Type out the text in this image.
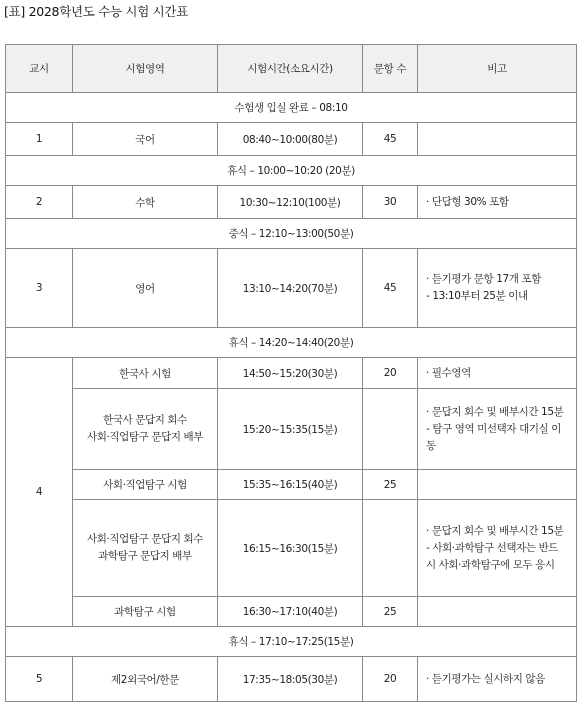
[표] 2028학년도 수능 시험 시간표
교시	시험영역	시험시간(소요시간)	문항 수	비고
수험생 입실 완료 – 08:10				
1	국어	08:40~10:00(80분)	45	
휴식 – 10:00~10:20 (20분)				
2	수학	10:30~12:10(100분)	30	· 단답형 30% 포함
중식 – 12:10~13:00(50분)				
3	영어	13:10~14:20(70분)	45	· 듣기평가 문항 17개 포함
- 13:10부터 25분 이내

휴식 – 14:20~14:40(20분)				
4	한국사 시험	14:50~15:20(30분)	20	· 필수영역

	한국사 문답지 회수
사회·직업탐구 문답지 배부	15:20~15:35(15분)		· 문답지 회수 및 배부시간 15분
- 탐구 영역 미선택자 대기실 이
동

	사회·직업탐구 시험	15:35~16:15(40분)	25	

	사회·직업탐구 문답지 회수
과학탐구 문답지 배부	16:15~16:30(15분)		· 문답지 회수 및 배부시간 15분
- 사회·과학탐구 선택자는 반드
시 사회·과학탐구에 모두 응시

	과학탐구 시험	16:30~17:10(40분)	25	
휴식 – 17:10~17:25(15분)				
5	제2외국어/한문	17:35~18:05(30분)	20	· 듣기평가는 실시하지 않음
